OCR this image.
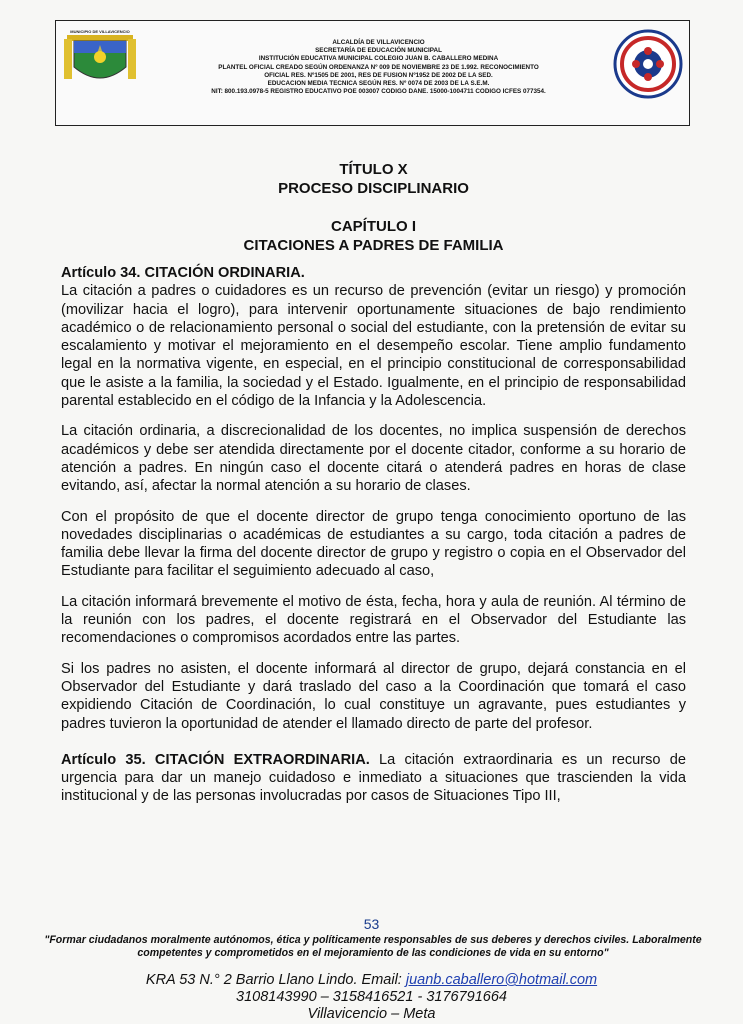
MUNICIPIO DE VILLAVICENCIO
ALCALDÍA DE VILLAVICENCIO
SECRETARÍA DE EDUCACIÓN MUNICIPAL
INSTITUCIÓN EDUCATIVA MUNICIPAL COLEGIO JUAN B. CABALLERO MEDINA
PLANTEL OFICIAL CREADO SEGÚN ORDENANZA Nº 009 DE NOVIEMBRE 23 DE 1.992. RECONOCIMIENTO
OFICIAL RES. Nº1505 DE 2001, RES DE FUSION Nº1952 DE 2002 DE LA SED.
EDUCACION MEDIA TECNICA SEGÚN RES. Nº 0074 DE 2003 DE LA S.E.M.
NIT: 800.193.0978-5 REGISTRO EDUCATIVO POE 003007 CODIGO DANE. 15000-1004711 CODIGO ICFES 077354.
TÍTULO X
PROCESO DISCIPLINARIO
CAPÍTULO I
CITACIONES A PADRES DE FAMILIA
Artículo 34. CITACIÓN ORDINARIA.

La citación a padres o cuidadores es un recurso de prevención (evitar un riesgo) y promoción (movilizar hacia el logro), para intervenir oportunamente situaciones de bajo rendimiento académico o de relacionamiento personal o social del estudiante, con la pretensión de evitar su escalamiento y motivar el mejoramiento en el desempeño escolar. Tiene amplio fundamento legal en la normativa vigente, en especial, en el principio constitucional de corresponsabilidad que le asiste a la familia, la sociedad y el Estado. Igualmente, en el principio de responsabilidad parental establecido en el código de la Infancia y la Adolescencia.

La citación ordinaria, a discrecionalidad de los docentes, no implica suspensión de derechos académicos y debe ser atendida directamente por el docente citador, conforme a su horario de atención a padres. En ningún caso el docente citará o atenderá padres en horas de clase evitando, así, afectar la normal atención a su horario de clases.

Con el propósito de que el docente director de grupo tenga conocimiento oportuno de las novedades disciplinarias o académicas de estudiantes a su cargo, toda citación a padres de familia debe llevar la firma del docente director de grupo y registro o copia en el Observador del Estudiante para facilitar el seguimiento adecuado al caso,

La citación informará brevemente el motivo de ésta, fecha, hora y aula de reunión. Al término de la reunión con los padres, el docente registrará en el Observador del Estudiante las recomendaciones o compromisos acordados entre las partes.

Si los padres no asisten, el docente informará al director de grupo, dejará constancia en el Observador del Estudiante y dará traslado del caso a la Coordinación que tomará el caso expidiendo Citación de Coordinación, lo cual constituye un agravante, pues estudiantes y padres tuvieron la oportunidad de atender el llamado directo de parte del profesor.

Artículo 35. CITACIÓN EXTRAORDINARIA. La citación extraordinaria es un recurso de urgencia para dar un manejo cuidadoso e inmediato a situaciones que trascienden la vida institucional y de las personas involucradas por casos de Situaciones Tipo III,

53
"Formar ciudadanos moralmente autónomos, ética y políticamente responsables de sus deberes y derechos civiles. Laboralmente competentes y comprometidos en el mejoramiento de las condiciones de vida en su entorno"
KRA 53 N.° 2 Barrio Llano Lindo. Email: juanb.caballero@hotmail.com
3108143990 – 3158416521 - 3176791664
Villavicencio – Meta
